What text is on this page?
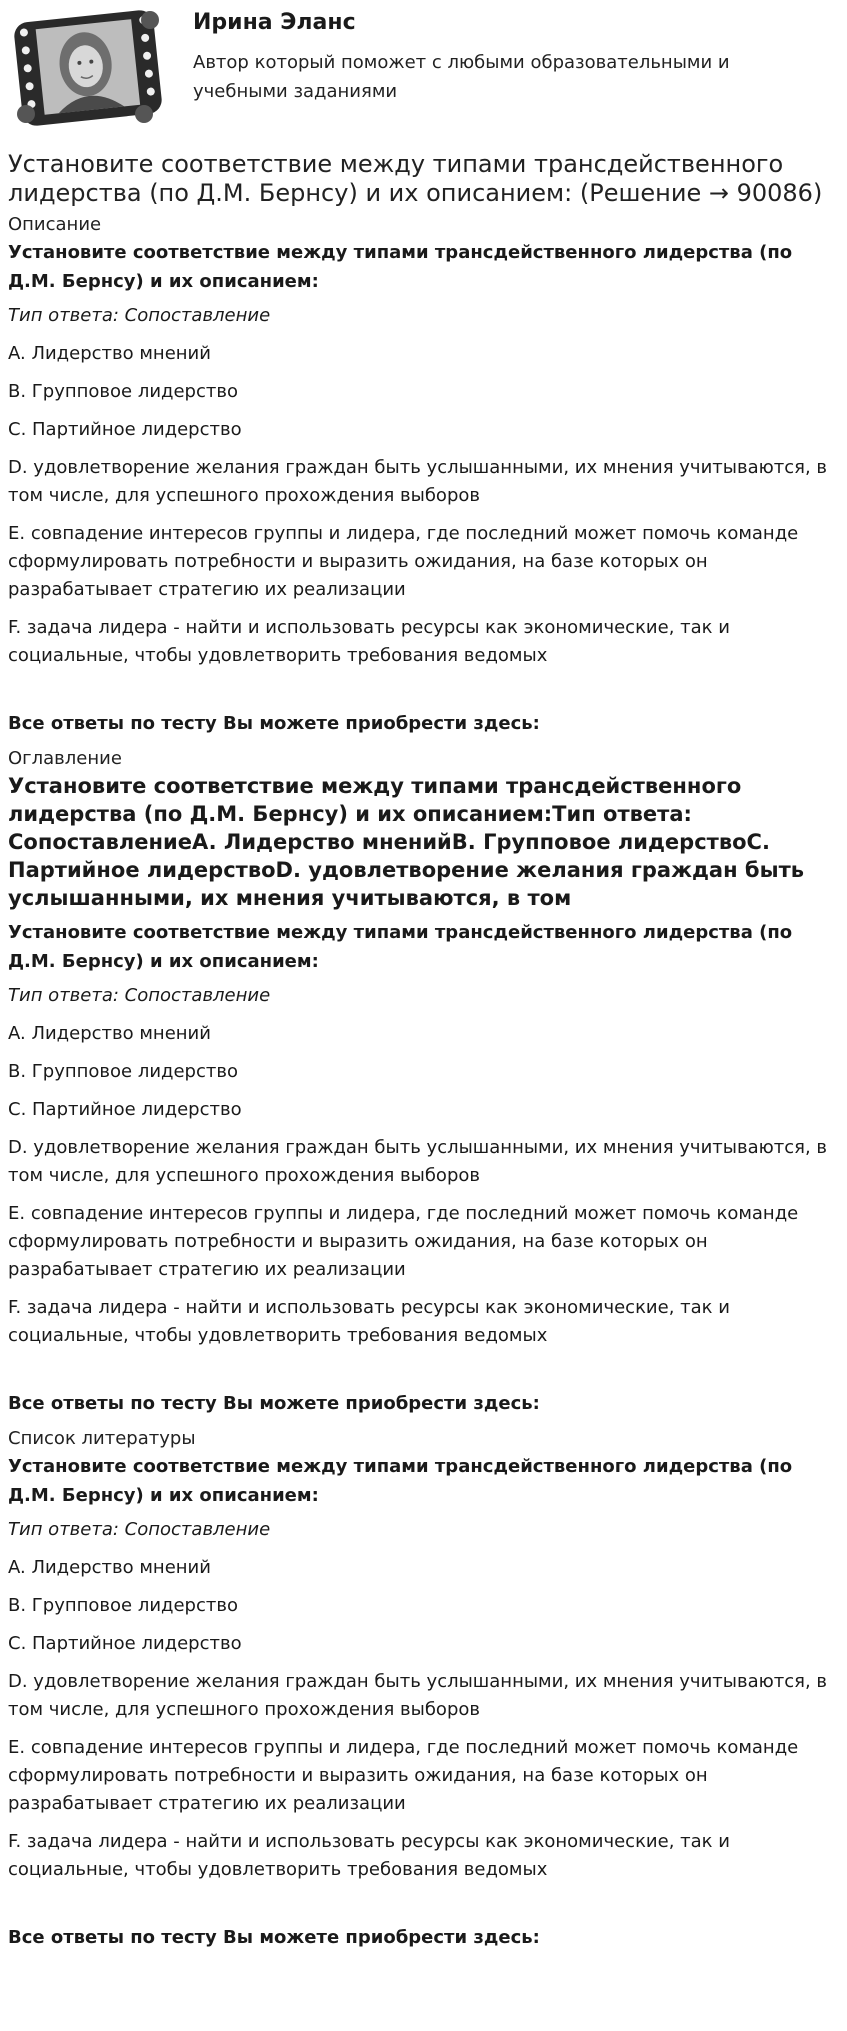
Ирина Эланс

Автор который поможет с любыми образовательными и учебными заданиями

Установите соответствие между типами трансдейственного лидерства (по Д.М. Бернсу) и их описанием: (Решение → 90086)
Описание
Установите соответствие между типами трансдейственного лидерства (по Д.М. Бернсу) и их описанием:
Тип ответа: Сопоставление
A. Лидерство мнений
B. Групповое лидерство
C. Партийное лидерство
D. удовлетворение желания граждан быть услышанными, их мнения учитываются, в том числе, для успешного прохождения выборов
E. совпадение интересов группы и лидера, где последний может помочь команде сформулировать потребности и выразить ожидания, на базе которых он разрабатывает стратегию их реализации
F. задача лидера - найти и использовать ресурсы как экономические, так и социальные, чтобы удовлетворить требования ведомых
Все ответы по тесту Вы можете приобрести здесь:
Оглавление
Установите соответствие между типами трансдейственного лидерства (по Д.М. Бернсу) и их описанием:Тип ответа: СопоставлениеA. Лидерство мненийB. Групповое лидерствоC. Партийное лидерствоD. удовлетворение желания граждан быть услышанными, их мнения учитываются, в том
Установите соответствие между типами трансдейственного лидерства (по Д.М. Бернсу) и их описанием:
Тип ответа: Сопоставление
A. Лидерство мнений
B. Групповое лидерство
C. Партийное лидерство
D. удовлетворение желания граждан быть услышанными, их мнения учитываются, в том числе, для успешного прохождения выборов
E. совпадение интересов группы и лидера, где последний может помочь команде сформулировать потребности и выразить ожидания, на базе которых он разрабатывает стратегию их реализации
F. задача лидера - найти и использовать ресурсы как экономические, так и социальные, чтобы удовлетворить требования ведомых
Все ответы по тесту Вы можете приобрести здесь:
Список литературы
Установите соответствие между типами трансдейственного лидерства (по Д.М. Бернсу) и их описанием:
Тип ответа: Сопоставление
A. Лидерство мнений
B. Групповое лидерство
C. Партийное лидерство
D. удовлетворение желания граждан быть услышанными, их мнения учитываются, в том числе, для успешного прохождения выборов
E. совпадение интересов группы и лидера, где последний может помочь команде сформулировать потребности и выразить ожидания, на базе которых он разрабатывает стратегию их реализации
F. задача лидера - найти и использовать ресурсы как экономические, так и социальные, чтобы удовлетворить требования ведомых
Все ответы по тесту Вы можете приобрести здесь:
